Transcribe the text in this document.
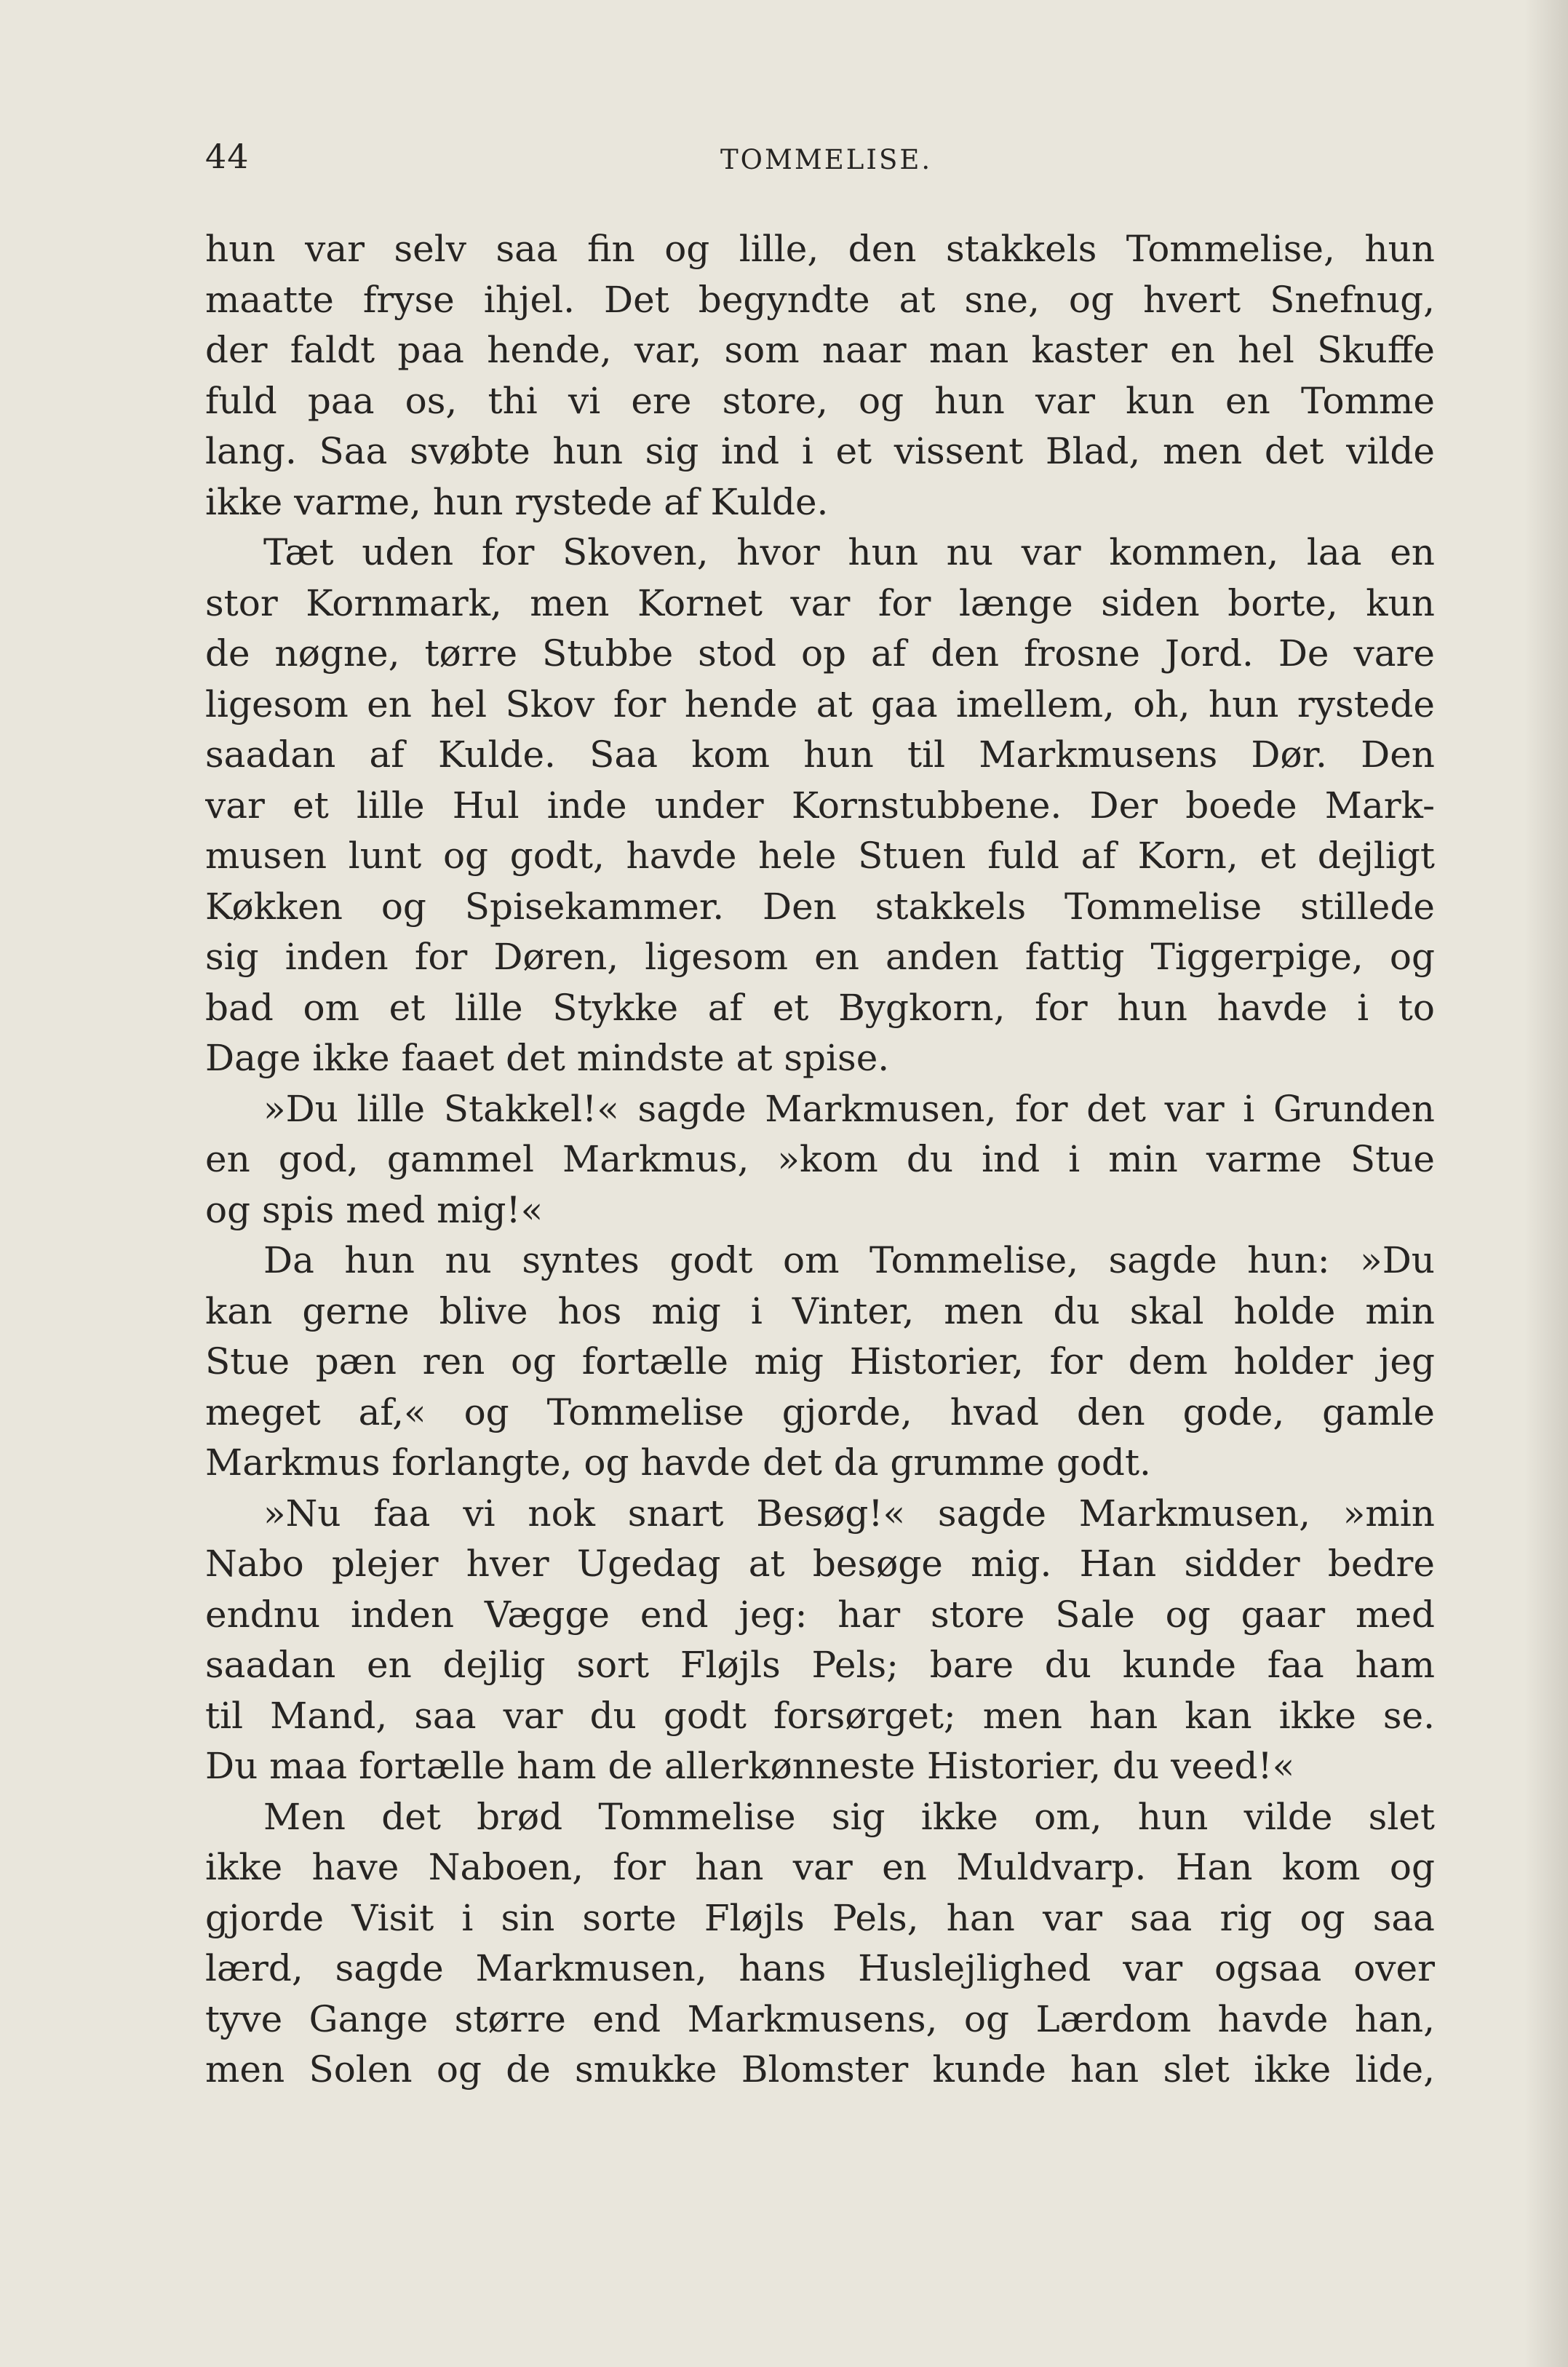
44	TOMMELISE.
hun var selv saa fin og lille, den stakkels Tommelise, hun
maatte fryse ihjel. Det begyndte at sne, og hvert Snefnug,
der faldt paa hende, var, som naar man kaster en hel Skuffe
fuld paa os, thi vi ere store, og hun var kun en Tomme
lang. Saa svøbte hun sig ind i et vissent Blad, men det vilde
ikke varme, hun rystede af Kulde.
Tæt uden for Skoven, hvor hun nu var kommen, laa en
stor Kornmark, men Kornet var for længe siden borte, kun
de nøgne, tørre Stubbe stod op af den frosne Jord. De vare
ligesom en hel Skov for hende at gaa imellem, oh, hun rystede
saadan af Kulde. Saa kom hun til Markmusens Dør. Den
var et lille Hul inde under Kornstubbene. Der boede Mark-
musen lunt og godt, havde hele Stuen fuld af Korn, et dejligt
Køkken og Spisekammer. Den stakkels Tommelise stillede
sig inden for Døren, ligesom en anden fattig Tiggerpige, og
bad om et lille Stykke af et Bygkorn, for hun havde i to
Dage ikke faaet det mindste at spise.
»Du lille Stakkel!« sagde Markmusen, for det var i Grunden
en god, gammel Markmus, »kom du ind i min varme Stue
og spis med mig!«
Da hun nu syntes godt om Tommelise, sagde hun: »Du
kan gerne blive hos mig i Vinter, men du skal holde min
Stue pæn ren og fortælle mig Historier, for dem holder jeg
meget af,« og Tommelise gjorde, hvad den gode, gamle
Markmus forlangte, og havde det da grumme godt.
»Nu faa vi nok snart Besøg!« sagde Markmusen, »min
Nabo plejer hver Ugedag at besøge mig. Han sidder bedre
endnu inden Vægge end jeg: har store Sale og gaar med
saadan en dejlig sort Fløjls Pels; bare du kunde faa ham
til Mand, saa var du godt forsørget; men han kan ikke se.
Du maa fortælle ham de allerkønneste Historier, du veed!«
Men det brød Tommelise sig ikke om, hun vilde slet
ikke have Naboen, for han var en Muldvarp. Han kom og
gjorde Visit i sin sorte Fløjls Pels, han var saa rig og saa
lærd, sagde Markmusen, hans Huslejlighed var ogsaa over
tyve Gange større end Markmusens, og Lærdom havde han,
men Solen og de smukke Blomster kunde han slet ikke lide,
